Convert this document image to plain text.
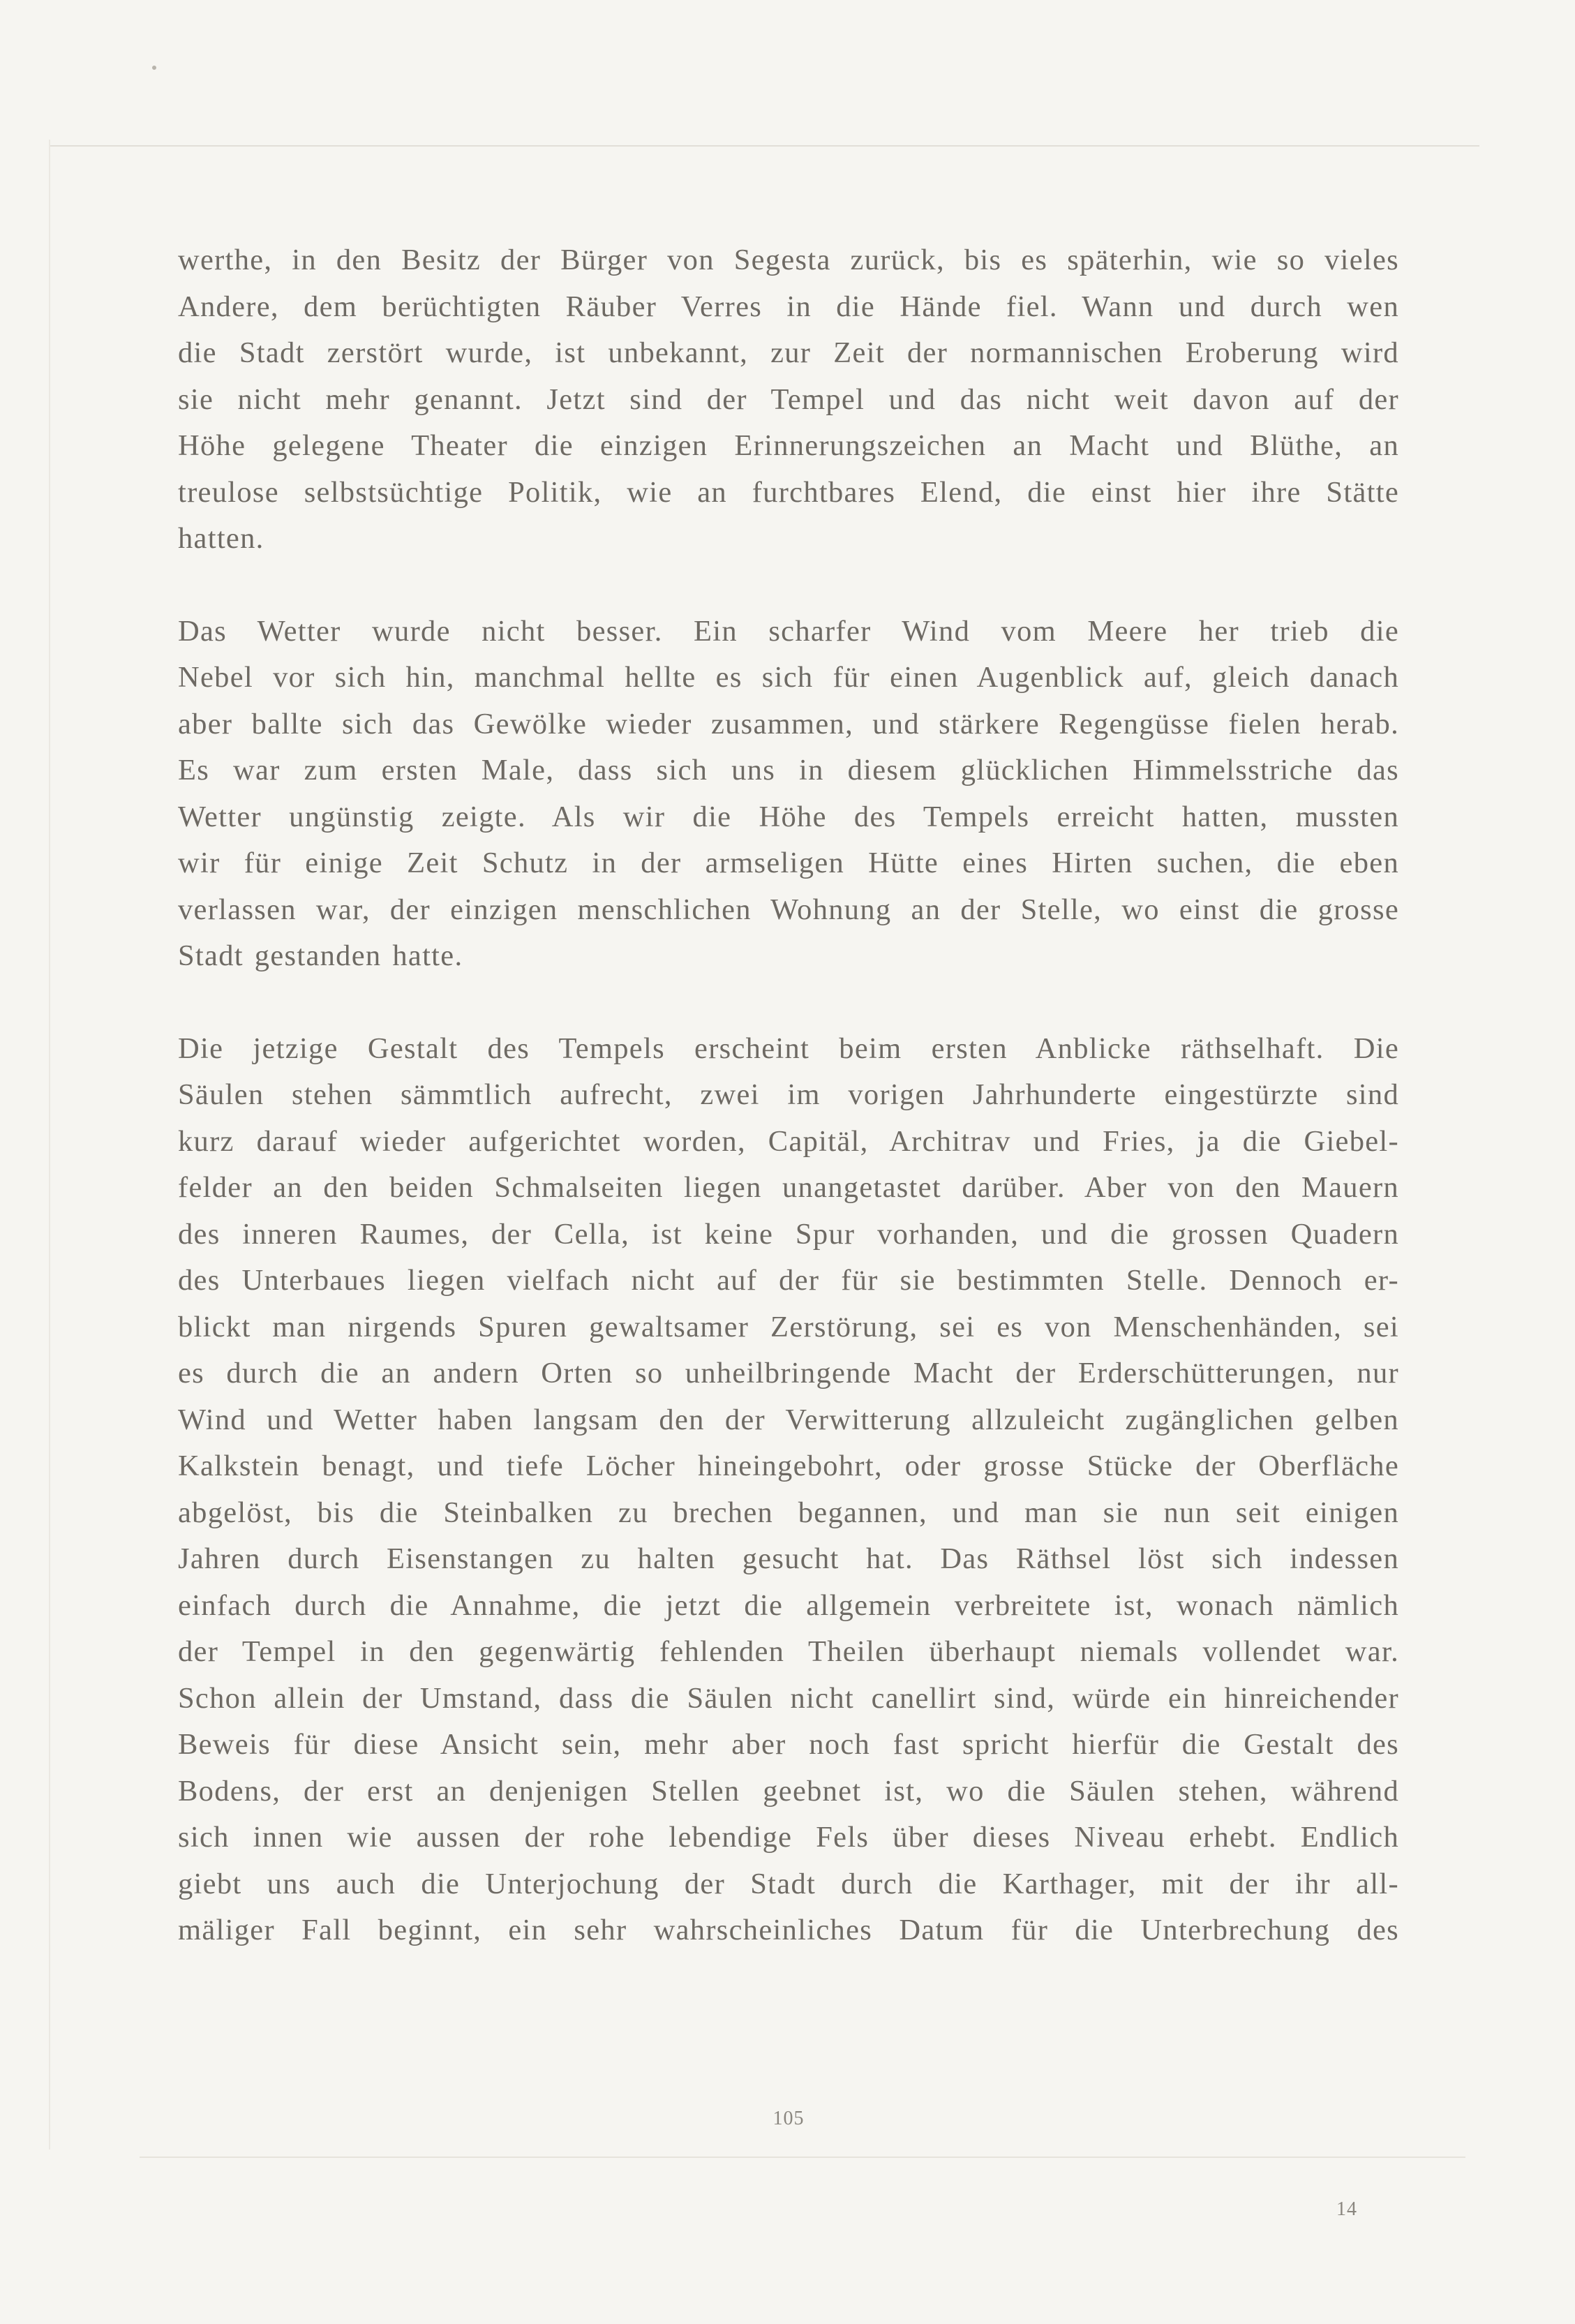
werthe, in den Besitz der Bürger von Segesta zurück, bis es späterhin, wie so vieles
Andere, dem berüchtigten Räuber Verres in die Hände fiel. Wann und durch wen
die Stadt zerstört wurde, ist unbekannt, zur Zeit der normannischen Eroberung wird
sie nicht mehr genannt. Jetzt sind der Tempel und das nicht weit davon auf der
Höhe gelegene Theater die einzigen Erinnerungszeichen an Macht und Blüthe, an
treulose selbstsüchtige Politik, wie an furchtbares Elend, die einst hier ihre Stätte
hatten.

Das Wetter wurde nicht besser. Ein scharfer Wind vom Meere her trieb die
Nebel vor sich hin, manchmal hellte es sich für einen Augenblick auf, gleich danach
aber ballte sich das Gewölke wieder zusammen, und stärkere Regengüsse fielen herab.
Es war zum ersten Male, dass sich uns in diesem glücklichen Himmelsstriche das
Wetter ungünstig zeigte. Als wir die Höhe des Tempels erreicht hatten, mussten
wir für einige Zeit Schutz in der armseligen Hütte eines Hirten suchen, die eben
verlassen war, der einzigen menschlichen Wohnung an der Stelle, wo einst die grosse
Stadt gestanden hatte.

Die jetzige Gestalt des Tempels erscheint beim ersten Anblicke räthselhaft. Die
Säulen stehen sämmtlich aufrecht, zwei im vorigen Jahrhunderte eingestürzte sind
kurz darauf wieder aufgerichtet worden, Capitäl, Architrav und Fries, ja die Giebel-
felder an den beiden Schmalseiten liegen unangetastet darüber. Aber von den Mauern
des inneren Raumes, der Cella, ist keine Spur vorhanden, und die grossen Quadern
des Unterbaues liegen vielfach nicht auf der für sie bestimmten Stelle. Dennoch er-
blickt man nirgends Spuren gewaltsamer Zerstörung, sei es von Menschenhänden, sei
es durch die an andern Orten so unheilbringende Macht der Erderschütterungen, nur
Wind und Wetter haben langsam den der Verwitterung allzuleicht zugänglichen gelben
Kalkstein benagt, und tiefe Löcher hineingebohrt, oder grosse Stücke der Oberfläche
abgelöst, bis die Steinbalken zu brechen begannen, und man sie nun seit einigen
Jahren durch Eisenstangen zu halten gesucht hat. Das Räthsel löst sich indessen
einfach durch die Annahme, die jetzt die allgemein verbreitete ist, wonach nämlich
der Tempel in den gegenwärtig fehlenden Theilen überhaupt niemals vollendet war.
Schon allein der Umstand, dass die Säulen nicht canellirt sind, würde ein hinreichender
Beweis für diese Ansicht sein, mehr aber noch fast spricht hierfür die Gestalt des
Bodens, der erst an denjenigen Stellen geebnet ist, wo die Säulen stehen, während
sich innen wie aussen der rohe lebendige Fels über dieses Niveau erhebt. Endlich
giebt uns auch die Unterjochung der Stadt durch die Karthager, mit der ihr all-
mäliger Fall beginnt, ein sehr wahrscheinliches Datum für die Unterbrechung des

105
14
